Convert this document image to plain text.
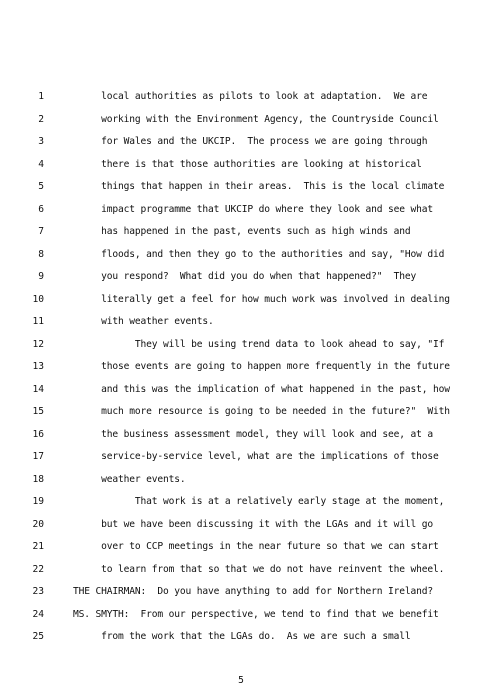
1	local authorities as pilots to look at adaptation.  We are
2	working with the Environment Agency, the Countryside Council
3	for Wales and the UKCIP.  The process we are going through
4	there is that those authorities are looking at historical
5	things that happen in their areas.  This is the local climate
6	impact programme that UKCIP do where they look and see what
7	has happened in the past, events such as high winds and
8	floods, and then they go to the authorities and say, "How did
9	you respond?  What did you do when that happened?"  They
10	literally get a feel for how much work was involved in dealing
11	with weather events.
12	They will be using trend data to look ahead to say, "If
13	those events are going to happen more frequently in the future
14	and this was the implication of what happened in the past, how
15	much more resource is going to be needed in the future?"  With
16	the business assessment model, they will look and see, at a
17	service-by-service level, what are the implications of those
18	weather events.
19	That work is at a relatively early stage at the moment,
20	but we have been discussing it with the LGAs and it will go
21	over to CCP meetings in the near future so that we can start
22	to learn from that so that we do not have reinvent the wheel.
23	THE CHAIRMAN:  Do you have anything to add for Northern Ireland?
24	MS. SMYTH:  From our perspective, we tend to find that we benefit
25	from the work that the LGAs do.  As we are such a small
5
